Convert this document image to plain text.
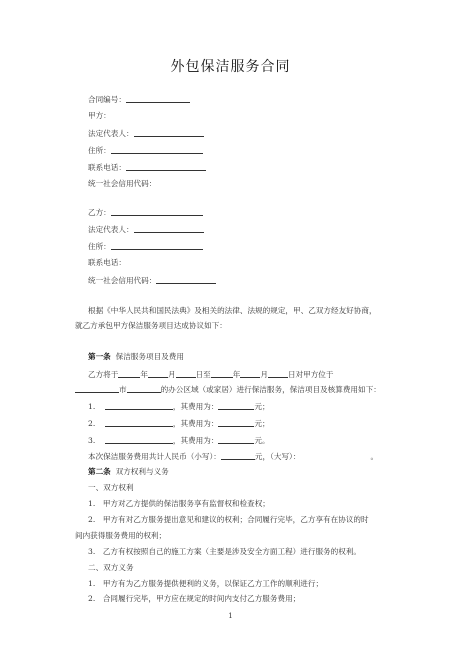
外包保洁服务合同
合同编号：
甲方：
法定代表人：
住所：
联系电话：
统一社会信用代码：
乙方：
法定代表人：
住所：
联系电话：
统一社会信用代码：
根据《中华人民共和国民法典》及相关的法律、法规的规定，甲、乙双方经友好协商，
就乙方承包甲方保洁服务项目达成协议如下：
第一条 保洁服务项目及费用
乙方将于	年	月	日至	年	月	日对甲方位于
市	的办公区域（或家居）进行保洁服务，保洁项目及核算费用如下：
1.	，其费用为：	元；
2.	，其费用为：	元；
3.	，其费用为：	元。
本次保洁服务费用共计人民币（小写）：	元，（大写）：	。
第二条 双方权利与义务
一、双方权利
1.　甲方对乙方提供的保洁服务享有监督权和检查权；
2.　甲方有对乙方服务提出意见和建议的权利；合同履行完毕，乙方享有在协议的时
间内获得服务费用的权利；
3.　乙方有权按照自己的施工方案（主要是涉及安全方面工程）进行服务的权利。
二、双方义务
1.　甲方有为乙方服务提供便利的义务，以保证乙方工作的顺利进行；
2.　合同履行完毕，甲方应在规定的时间内支付乙方服务费用；
1
